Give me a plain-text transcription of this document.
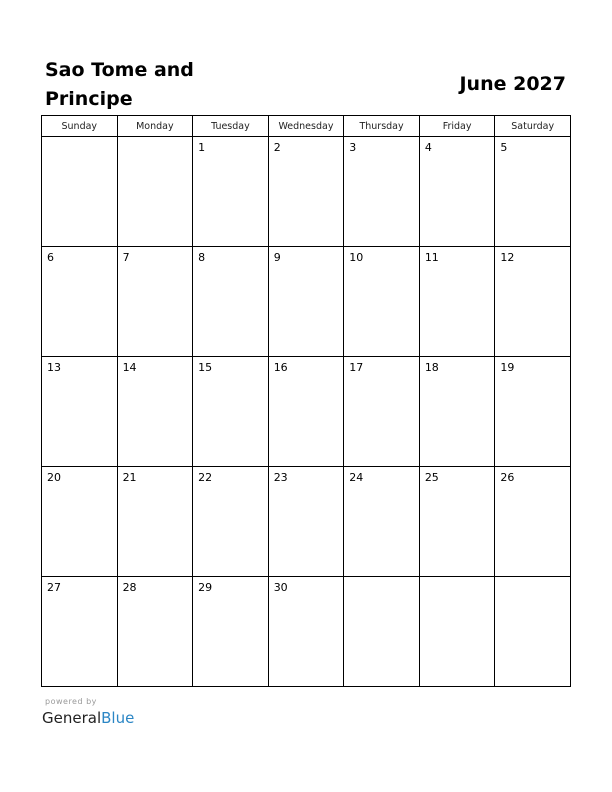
Sao Tome and
Principe
June 2027
Sunday	Monday	Tuesday	Wednesday	Thursday	Friday	Saturday

		1	2	3	4	5

6	7	8	9	10	11	12

13	14	15	16	17	18	19

20	21	22	23	24	25	26

27	28	29	30			

powered by
GeneralBlue
